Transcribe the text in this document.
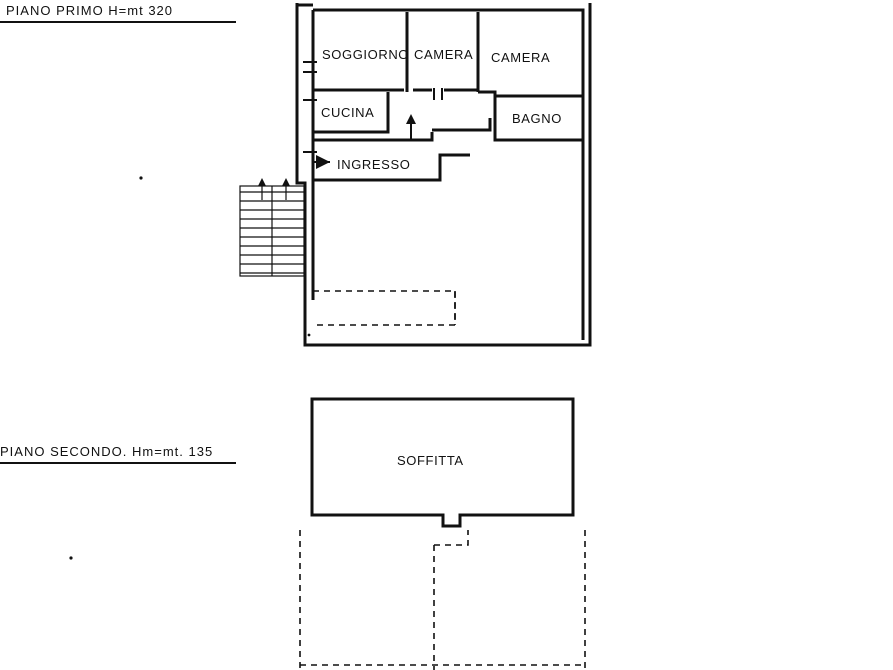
PIANO PRIMO H=mt 320
SOGGIORNO CAMERA CAMERA
CUCINA	BAGNO
INGRESSO
PIANO SECONDO. Hm=mt. 135
SOFFITTA
